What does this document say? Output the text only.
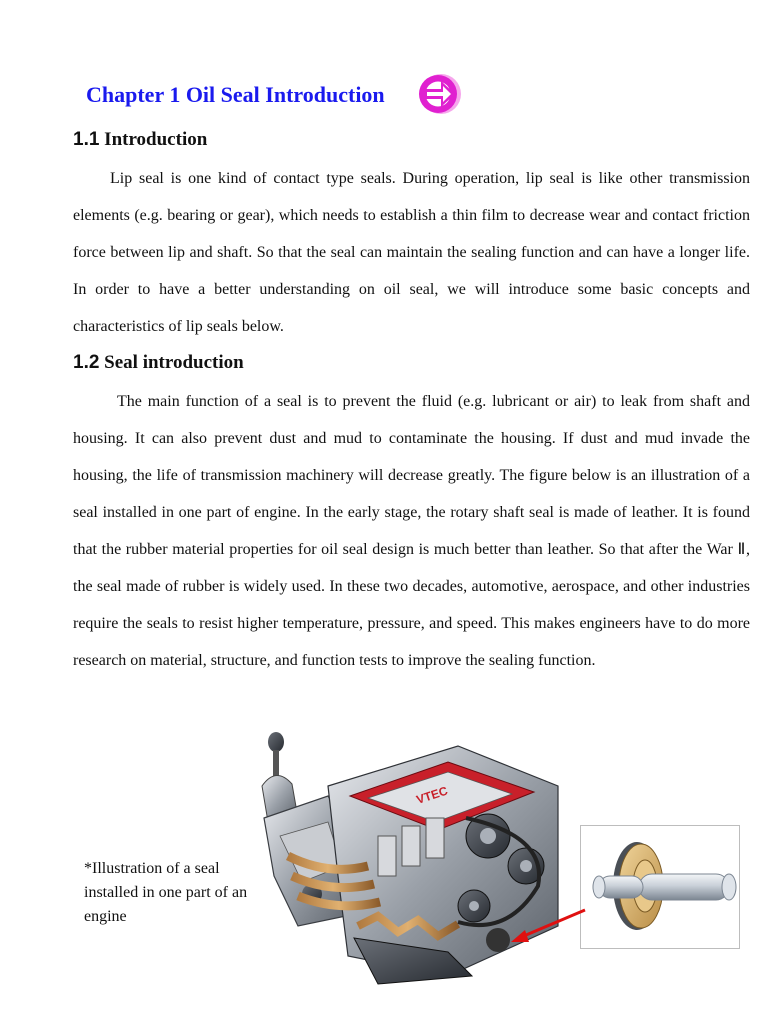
Chapter 1 Oil Seal Introduction
1.1 Introduction

Lip seal is one kind of contact type seals. During operation, lip seal is like other transmission elements (e.g. bearing or gear), which needs to establish a thin film to decrease wear and contact friction force between lip and shaft. So that the seal can maintain the sealing function and can have a longer life. In order to have a better understanding on oil seal, we will introduce some basic concepts and characteristics of lip seals below.

1.2 Seal introduction

The main function of a seal is to prevent the fluid (e.g. lubricant or air) to leak from shaft and housing. It can also prevent dust and mud to contaminate the housing. If dust and mud invade the housing, the life of transmission machinery will decrease greatly. The figure below is an illustration of a seal installed in one part of engine. In the early stage, the rotary shaft seal is made of leather. It is found that the rubber material properties for oil seal design is much better than leather. So that after the War Ⅱ, the seal made of rubber is widely used. In these two decades, automotive, aerospace, and other industries require the seals to resist higher temperature, pressure, and speed. This makes engineers have to do more research on material, structure, and function tests to improve the sealing function.

*Illustration of a seal installed in one part of an engine
VTEC
